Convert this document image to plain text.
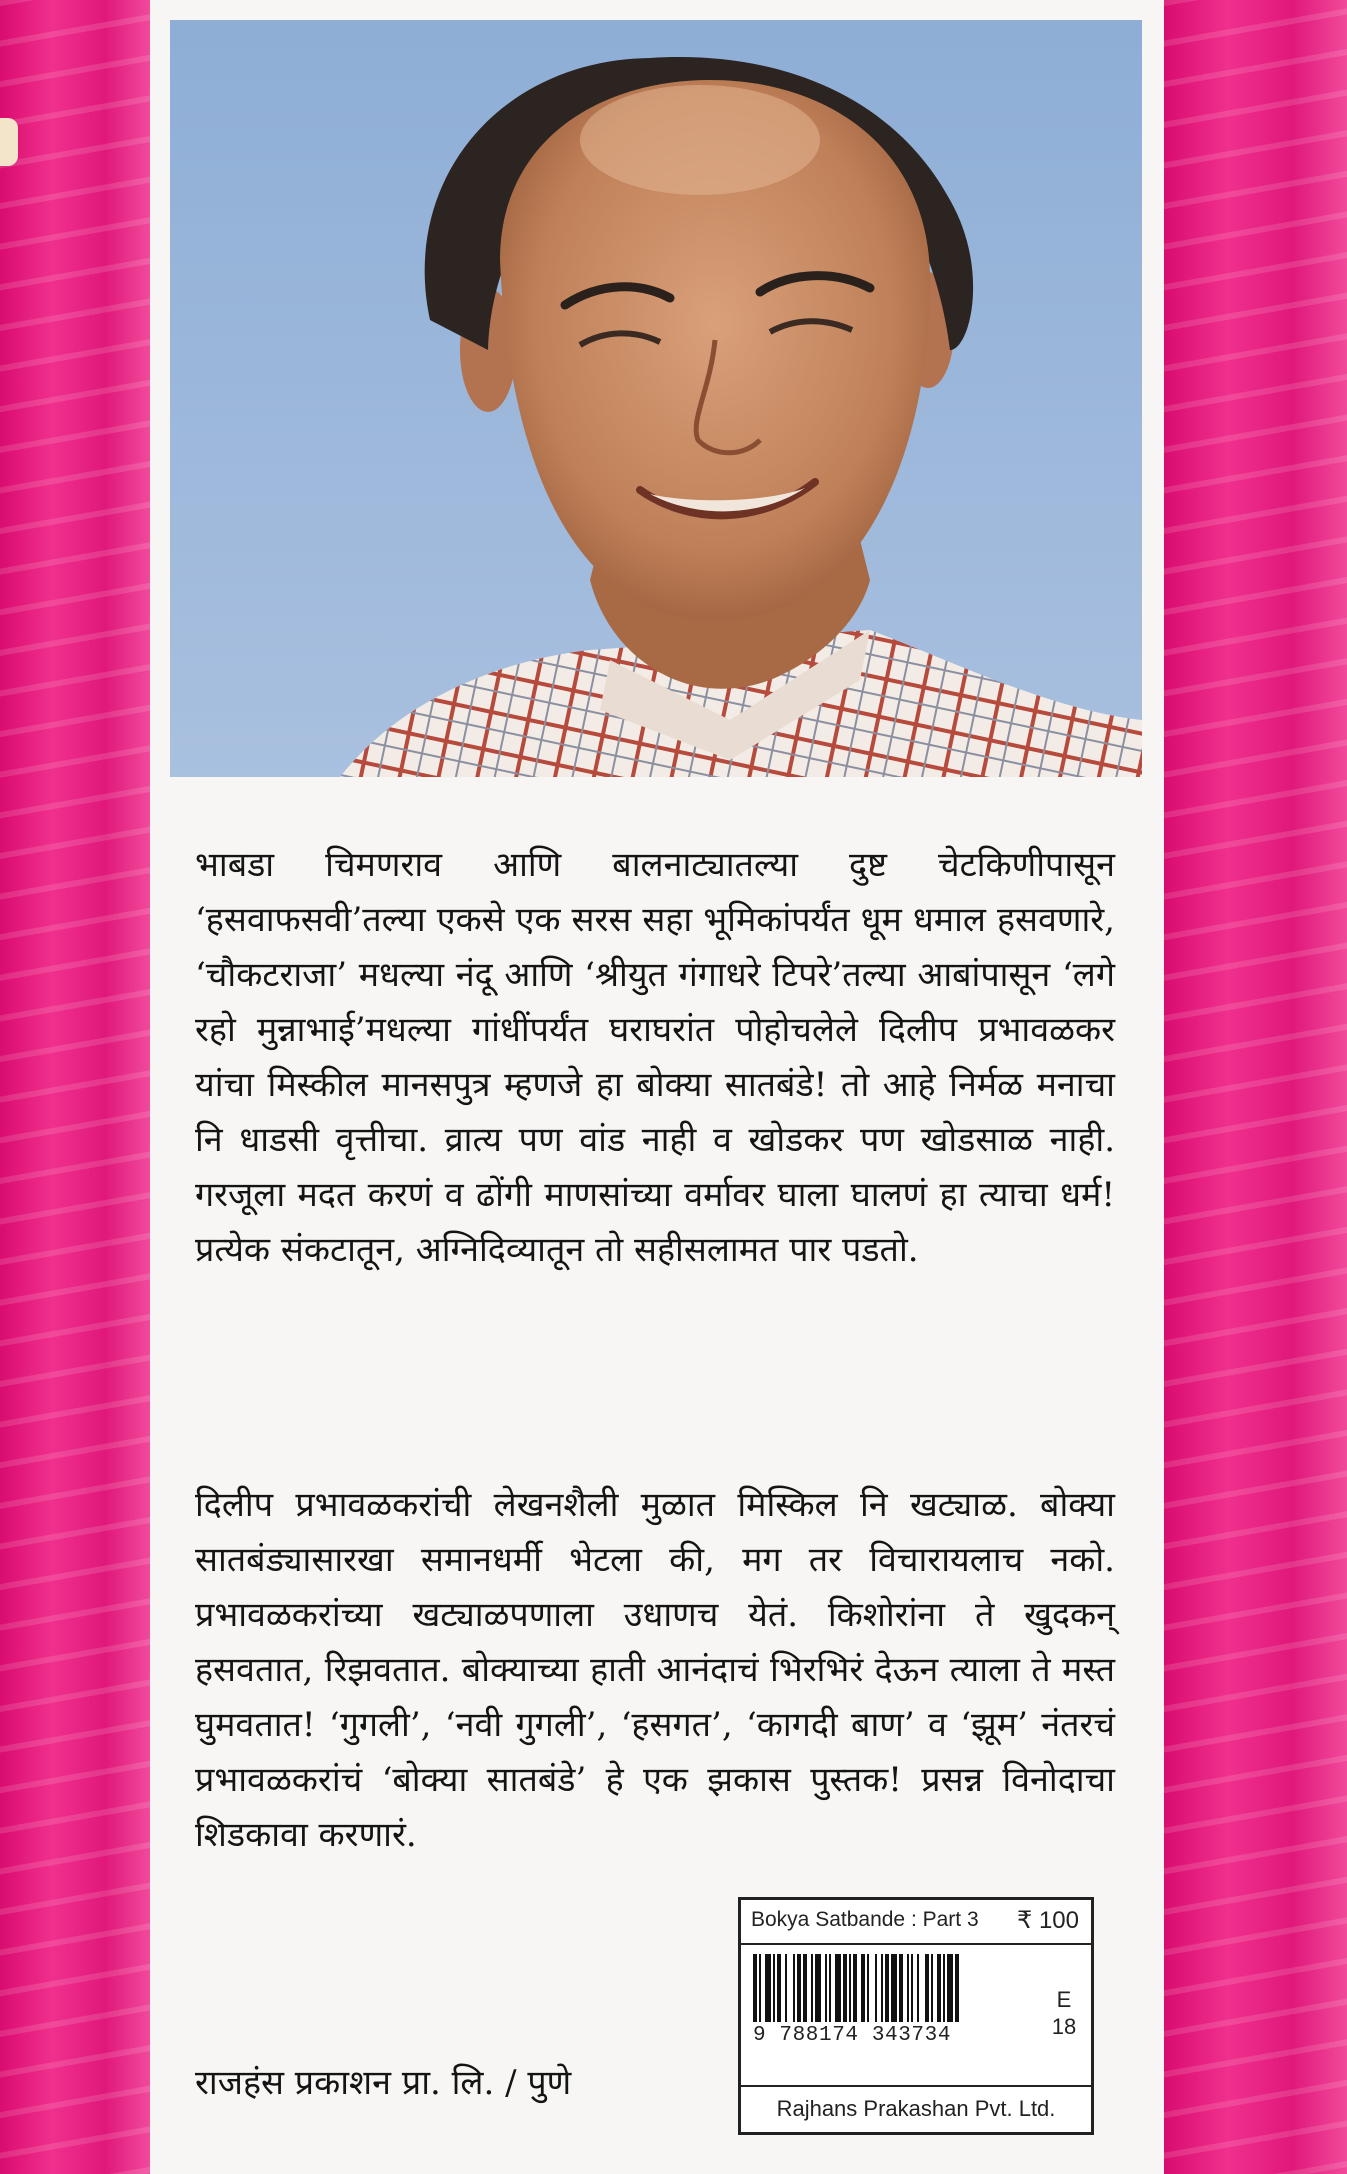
भाबडा चिमणराव आणि बालनाट्यातल्या दुष्ट चेटकिणीपासून ‘हसवाफसवी’तल्या एकसे एक सरस सहा भूमिकांपर्यंत धूम धमाल हसवणारे, ‘चौकटराजा’ मधल्या नंदू आणि ‘श्रीयुत गंगाधरे टिपरे’तल्या आबांपासून ‘लगे रहो मुन्नाभाई’मधल्या गांधींपर्यंत घराघरांत पोहोचलेले दिलीप प्रभावळकर यांचा मिस्कील मानसपुत्र म्हणजे हा बोक्या सातबंडे! तो आहे निर्मळ मनाचा नि धाडसी वृत्तीचा. व्रात्य पण वांड नाही व खोडकर पण खोडसाळ नाही. गरजूला मदत करणं व ढोंगी माणसांच्या वर्मावर घाला घालणं हा त्याचा धर्म! प्रत्येक संकटातून, अग्निदिव्यातून तो सहीसलामत पार पडतो.
दिलीप प्रभावळकरांची लेखनशैली मुळात मिस्किल नि खट्याळ. बोक्या सातबंड्यासारखा समानधर्मी भेटला की, मग तर विचारायलाच नको. प्रभावळकरांच्या खट्याळपणाला उधाणच येतं. किशोरांना ते खुदकन् हसवतात, रिझवतात. बोक्याच्या हाती आनंदाचं भिरभिरं देऊन त्याला ते मस्त घुमवतात! ‘गुगली’, ‘नवी गुगली’, ‘हसगत’, ‘कागदी बाण’ व ‘झूम’ नंतरचं प्रभावळकरांचं ‘बोक्या सातबंडे’ हे एक झकास पुस्तक! प्रसन्न विनोदाचा शिडकावा करणारं.
राजहंस प्रकाशन प्रा. लि. / पुणे
Bokya Satbande : Part 3 ₹ 100
9 788174 343734
E
18
Rajhans Prakashan Pvt. Ltd.
